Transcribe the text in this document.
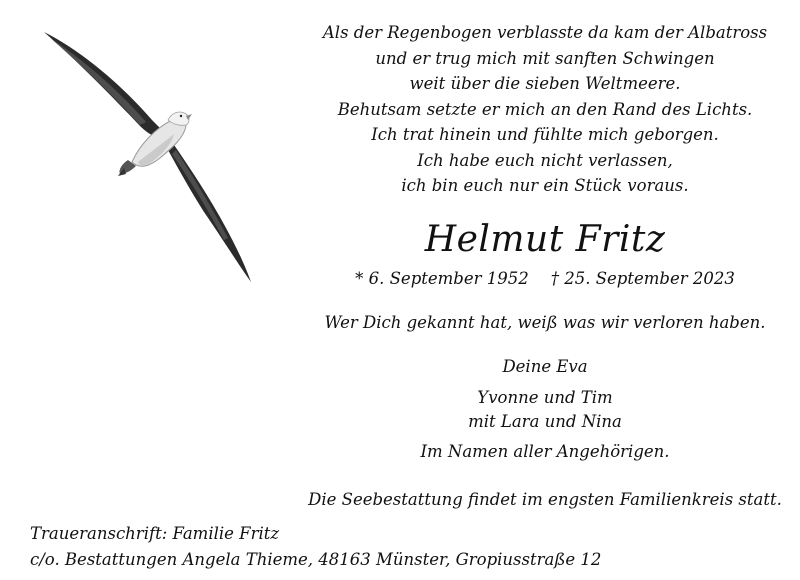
Als der Regenbogen verblasste da kam der Albatross
und er trug mich mit sanften Schwingen
weit über die sieben Weltmeere.
Behutsam setzte er mich an den Rand des Lichts.
Ich trat hinein und fühlte mich geborgen.
Ich habe euch nicht verlassen,
ich bin euch nur ein Stück voraus.
Helmut Fritz
* 6. September 1952 † 25. September 2023
Wer Dich gekannt hat, weiß was wir verloren haben.
Deine Eva
Yvonne und Tim
mit Lara und Nina
Im Namen aller Angehörigen.
Die Seebestattung findet im engsten Familienkreis statt.
Traueranschrift: Familie Fritz
c/o. Bestattungen Angela Thieme, 48163 Münster, Gropiusstraße 12
